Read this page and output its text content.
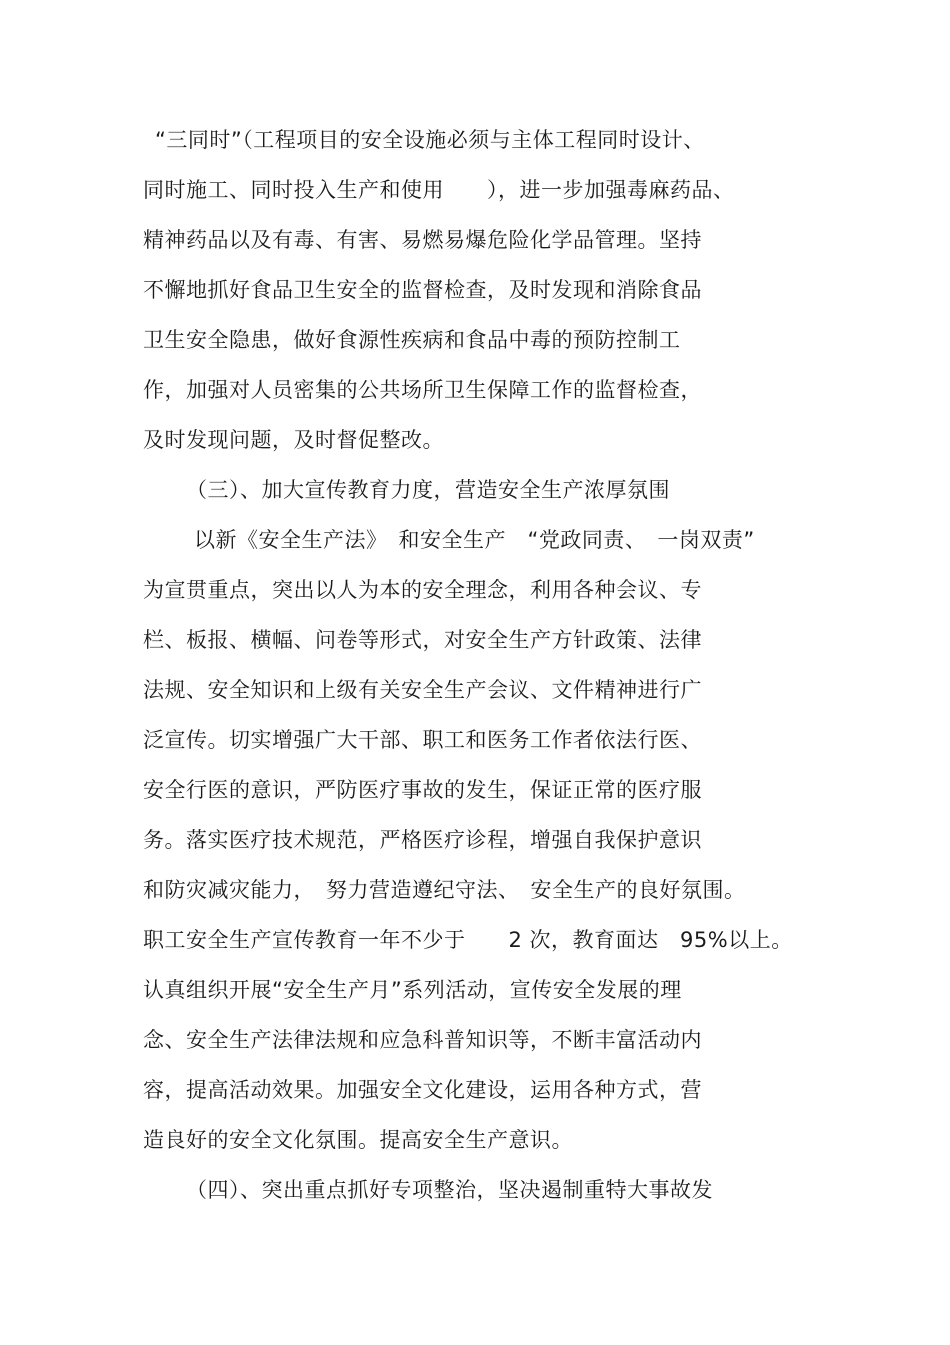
“三同时”（工程项目的安全设施必须与主体工程同时设计、
同时施工、同时投入生产和使用　　），进一步加强毒麻药品、
精神药品以及有毒、有害、易燃易爆危险化学品管理。坚持
不懈地抓好食品卫生安全的监督检查，及时发现和消除食品
卫生安全隐患，做好食源性疾病和食品中毒的预防控制工
作，加强对人员密集的公共场所卫生保障工作的监督检查，
及时发现问题，及时督促整改。
（三）、加大宣传教育力度，营造安全生产浓厚氛围
以新《安全生产法》　和安全生产　“党政同责、　一岗双责”
为宣贯重点，突出以人为本的安全理念，利用各种会议、专
栏、板报、横幅、问卷等形式，对安全生产方针政策、法律
法规、安全知识和上级有关安全生产会议、文件精神进行广
泛宣传。切实增强广大干部、职工和医务工作者依法行医、
安全行医的意识，严防医疗事故的发生，保证正常的医疗服
务。落实医疗技术规范，严格医疗诊程，增强自我保护意识
和防灾减灾能力，　努力营造遵纪守法、　安全生产的良好氛围。
职工安全生产宣传教育一年不少于　　2 次，教育面达　95%以上。
认真组织开展“安全生产月”系列活动，宣传安全发展的理
念、安全生产法律法规和应急科普知识等，不断丰富活动内
容，提高活动效果。加强安全文化建设，运用各种方式，营
造良好的安全文化氛围。提高安全生产意识。
（四）、突出重点抓好专项整治，坚决遏制重特大事故发
